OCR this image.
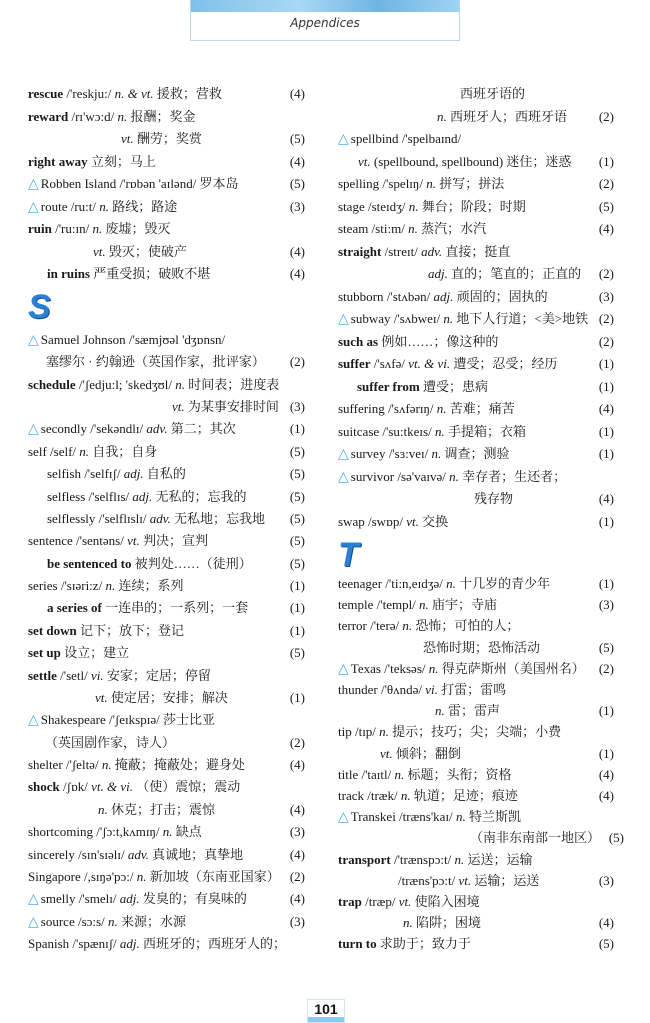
Appendices
rescue /'reskju:/ n. & vt. 援救；营救	(4)
reward /rɪ'wɔ:d/ n. 报酬；奖金
vt. 酬劳；奖赏	(5)
right away 立刻；马上	(4)
△ Robben Island /'rɒbən 'aɪlənd/ 罗本岛	(5)
△ route /ru:t/ n. 路线；路途	(3)
ruin /'ru:ɪn/ n. 废墟；毁灭
vt. 毁灭；使破产	(4)
in ruins 严重受损；破败不堪	(4)
S
△ Samuel Johnson /'sæmjʊəl 'dʒɒnsn/
塞缪尔 · 约翰逊（英国作家，批评家）	(2)
schedule /'ʃedju:l; 'skedʒʊl/ n. 时间表；进度表
vt. 为某事安排时间 (3)
△ secondly /'sekəndlɪ/ adv. 第二；其次	(1)
self /self/ n. 自我；自身	(5)
selfish /'selfɪʃ/ adj. 自私的	(5)
selfless /'selflɪs/ adj. 无私的；忘我的	(5)
selflessly /'selflɪslɪ/ adv. 无私地；忘我地	(5)
sentence /'sentəns/ vt. 判决；宣判	(5)
be sentenced to 被判处……（徒刑）	(5)
series /'sɪəri:z/ n. 连续；系列	(1)
a series of 一连串的；一系列；一套	(1)
set down 记下；放下；登记	(1)
set up 设立；建立	(5)
settle /'setl/ vi. 安家；定居；停留
vt. 使定居；安排；解决	(1)
△ Shakespeare /'ʃeɪkspɪə/ 莎士比亚
（英国剧作家，诗人）	(2)
shelter /'ʃeltə/ n. 掩蔽；掩蔽处；避身处	(4)
shock /ʃɒk/ vt. & vi. （使）震惊；震动
n. 休克；打击；震惊	(4)
shortcoming /'ʃɔ:t,kʌmɪŋ/ n. 缺点	(3)
sincerely /sɪn'sɪəlɪ/ adv. 真诚地；真挚地	(4)
Singapore /,sɪŋə'pɔ:/ n. 新加坡（东南亚国家） (2)
△ smelly /'smelɪ/ adj. 发臭的；有臭味的	(4)
△ source /sɔ:s/ n. 来源；水源	(3)
Spanish /'spænɪʃ/ adj. 西班牙的；西班牙人的；
西班牙语的
n. 西班牙人；西班牙语	(2)
△ spellbind /'spelbaɪnd/
vt. (spellbound, spellbound) 迷住；迷惑	(1)
spelling /'spelɪŋ/ n. 拼写；拼法	(2)
stage /steɪdʒ/ n. 舞台；阶段；时期	(5)
steam /sti:m/ n. 蒸汽；水汽	(4)
straight /streɪt/ adv. 直接；挺直
adj. 直的；笔直的；正直的	(2)
stubborn /'stʌbən/ adj. 顽固的；固执的	(3)
△ subway /'sʌbweɪ/ n. 地下人行道；<美>地铁 (2)
such as 例如……；像这种的	(2)
suffer /'sʌfə/ vt. & vi. 遭受；忍受；经历	(1)
suffer from 遭受；患病	(1)
suffering /'sʌfərɪŋ/ n. 苦难；痛苦	(4)
suitcase /'su:tkeɪs/ n. 手提箱；衣箱	(1)
△ survey /'sɜ:veɪ/ n. 调查；测验	(1)
△ survivor /sə'vaɪvə/ n. 幸存者；生还者；
残存物	(4)
swap /swɒp/ vt. 交换	(1)
T
teenager /'ti:n,eɪdʒə/ n. 十几岁的青少年	(1)
temple /'templ/ n. 庙宇；寺庙	(3)
terror /'terə/ n. 恐怖；可怕的人；
恐怖时期；恐怖活动	(5)
△ Texas /'teksəs/ n. 得克萨斯州（美国州名）	(2)
thunder /'θʌndə/ vi. 打雷；雷鸣
n. 雷；雷声	(1)
tip /tɪp/ n. 提示；技巧；尖；尖端；小费
vt. 倾斜；翻倒	(1)
title /'taɪtl/ n. 标题；头衔；资格	(4)
track /træk/ n. 轨道；足迹；痕迹	(4)
△ Transkei /træns'kaɪ/ n. 特兰斯凯
（南非东南部一地区） (5)
transport /'trænspɔ:t/ n. 运送；运输
/træns'pɔ:t/ vt. 运输；运送	(3)
trap /træp/ vt. 使陷入困境
n. 陷阱；困境	(4)
turn to 求助于；致力于	(5)
101
